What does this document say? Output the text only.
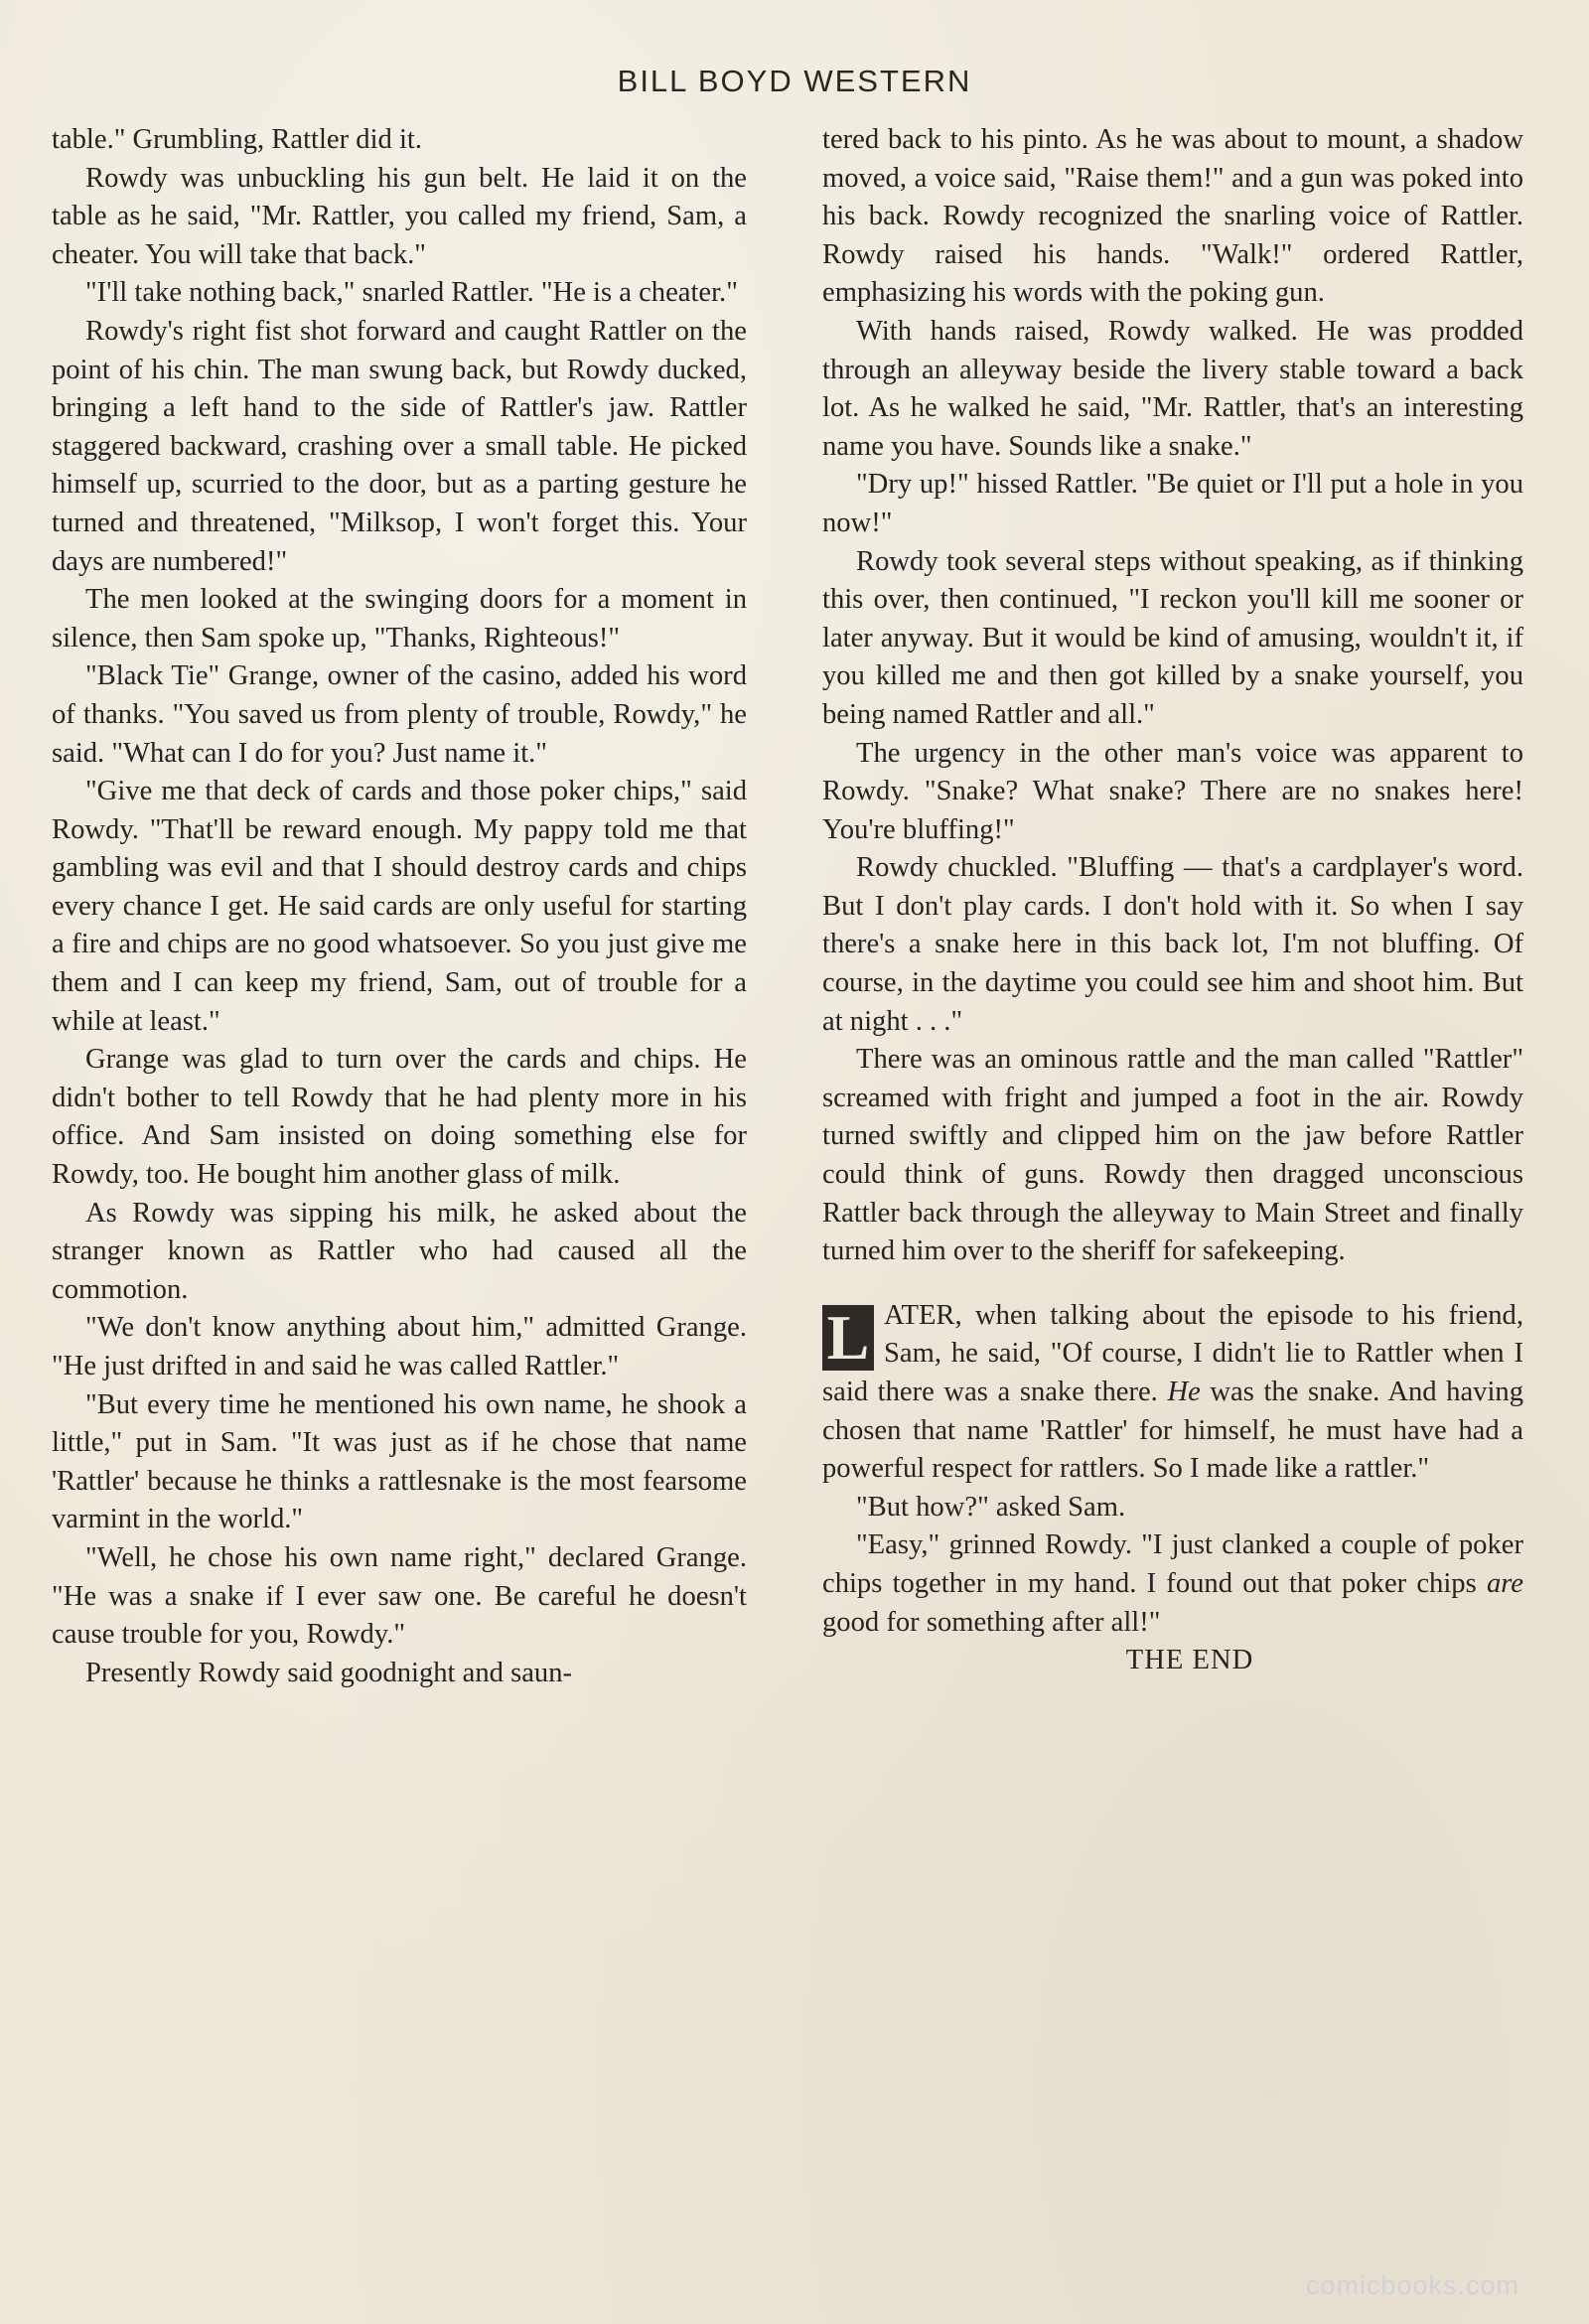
BILL BOYD WESTERN

table." Grumbling, Rattler did it.

Rowdy was unbuckling his gun belt. He laid it on the table as he said, "Mr. Rattler, you called my friend, Sam, a cheater. You will take that back."

"I'll take nothing back," snarled Rattler. "He is a cheater."

Rowdy's right fist shot forward and caught Rattler on the point of his chin. The man swung back, but Rowdy ducked, bringing a left hand to the side of Rattler's jaw. Rattler staggered backward, crashing over a small table. He picked himself up, scurried to the door, but as a parting gesture he turned and threatened, "Milksop, I won't forget this. Your days are numbered!"

The men looked at the swinging doors for a moment in silence, then Sam spoke up, "Thanks, Righteous!"

"Black Tie" Grange, owner of the casino, added his word of thanks. "You saved us from plenty of trouble, Rowdy," he said. "What can I do for you? Just name it."

"Give me that deck of cards and those poker chips," said Rowdy. "That'll be reward enough. My pappy told me that gambling was evil and that I should destroy cards and chips every chance I get. He said cards are only useful for starting a fire and chips are no good whatsoever. So you just give me them and I can keep my friend, Sam, out of trouble for a while at least."

Grange was glad to turn over the cards and chips. He didn't bother to tell Rowdy that he had plenty more in his office. And Sam insisted on doing something else for Rowdy, too. He bought him another glass of milk.

As Rowdy was sipping his milk, he asked about the stranger known as Rattler who had caused all the commotion.

"We don't know anything about him," admitted Grange. "He just drifted in and said he was called Rattler."

"But every time he mentioned his own name, he shook a little," put in Sam. "It was just as if he chose that name 'Rattler' because he thinks a rattlesnake is the most fearsome varmint in the world."

"Well, he chose his own name right," declared Grange. "He was a snake if I ever saw one. Be careful he doesn't cause trouble for you, Rowdy."

Presently Rowdy said goodnight and saun-

tered back to his pinto. As he was about to mount, a shadow moved, a voice said, "Raise them!" and a gun was poked into his back. Rowdy recognized the snarling voice of Rattler. Rowdy raised his hands. "Walk!" ordered Rattler, emphasizing his words with the poking gun.

With hands raised, Rowdy walked. He was prodded through an alleyway beside the livery stable toward a back lot. As he walked he said, "Mr. Rattler, that's an interesting name you have. Sounds like a snake."

"Dry up!" hissed Rattler. "Be quiet or I'll put a hole in you now!"

Rowdy took several steps without speaking, as if thinking this over, then continued, "I reckon you'll kill me sooner or later anyway. But it would be kind of amusing, wouldn't it, if you killed me and then got killed by a snake yourself, you being named Rattler and all."

The urgency in the other man's voice was apparent to Rowdy. "Snake? What snake? There are no snakes here! You're bluffing!"

Rowdy chuckled. "Bluffing — that's a cardplayer's word. But I don't play cards. I don't hold with it. So when I say there's a snake here in this back lot, I'm not bluffing. Of course, in the daytime you could see him and shoot him. But at night . . ."

There was an ominous rattle and the man called "Rattler" screamed with fright and jumped a foot in the air. Rowdy turned swiftly and clipped him on the jaw before Rattler could think of guns. Rowdy then dragged unconscious Rattler back through the alleyway to Main Street and finally turned him over to the sheriff for safekeeping.

L ATER, when talking about the episode to his friend, Sam, he said, "Of course, I didn't lie to Rattler when I said there was a snake there. He was the snake. And having chosen that name 'Rattler' for himself, he must have had a powerful respect for rattlers. So I made like a rattler."

"But how?" asked Sam.

"Easy," grinned Rowdy. "I just clanked a couple of poker chips together in my hand. I found out that poker chips are good for something after all!"

THE END

comicbooks.com
